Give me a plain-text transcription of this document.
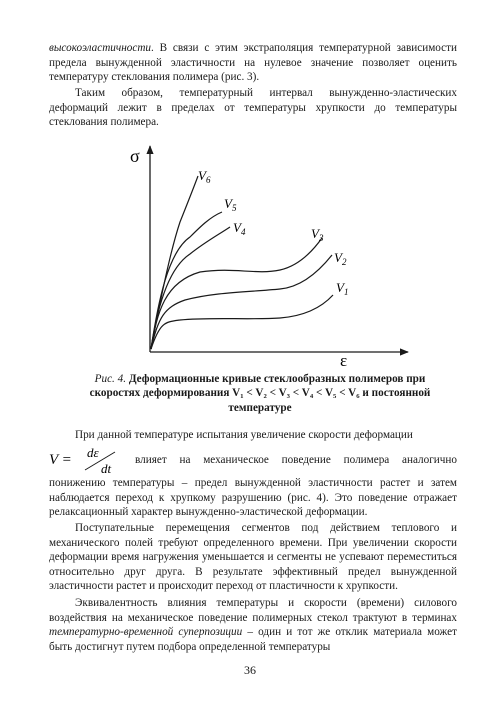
высокоэластичности. В связи с этим экстраполяция температурной зависимости предела вынужденной эластичности на нулевое значение позволяет оценить температуру стеклования полимера (рис. 3).

Таким образом, температурный интервал вынужденно-эластических деформаций лежит в пределах от температуры хрупкости до температуры стеклования полимера.

σ
ε
$V_1$
$V_2$
$V_3$
$V_4$
$V_5$
$V_6$

Рис. 4. Деформационные кривые стеклообразных полимеров при скоростях деформирования V₁ < V₂ < V₃ < V₄ < V₅ < V₆ и постоянной температуре

При данной температуре испытания увеличение скорости деформации

V = dε
dt
влияет на механическое поведение полимера аналогично

понижению температуры – предел вынужденной эластичности растет и затем наблюдается переход к хрупкому разрушению (рис. 4). Это поведение отражает релаксационный характер вынужденно-эластической деформации.

Поступательные перемещения сегментов под действием теплового и механического полей требуют определенного времени. При увеличении скорости деформации время нагружения уменьшается и сегменты не успевают переместиться относительно друг друга. В результате эффективный предел вынужденной эластичности растет и происходит переход от пластичности к хрупкости.

Эквивалентность влияния температуры и скорости (времени) силового воздействия на механическое поведение полимерных стекол трактуют в терминах температурно-временной суперпозиции – один и тот же отклик материала может быть достигнут путем подбора определенной температуры

36
